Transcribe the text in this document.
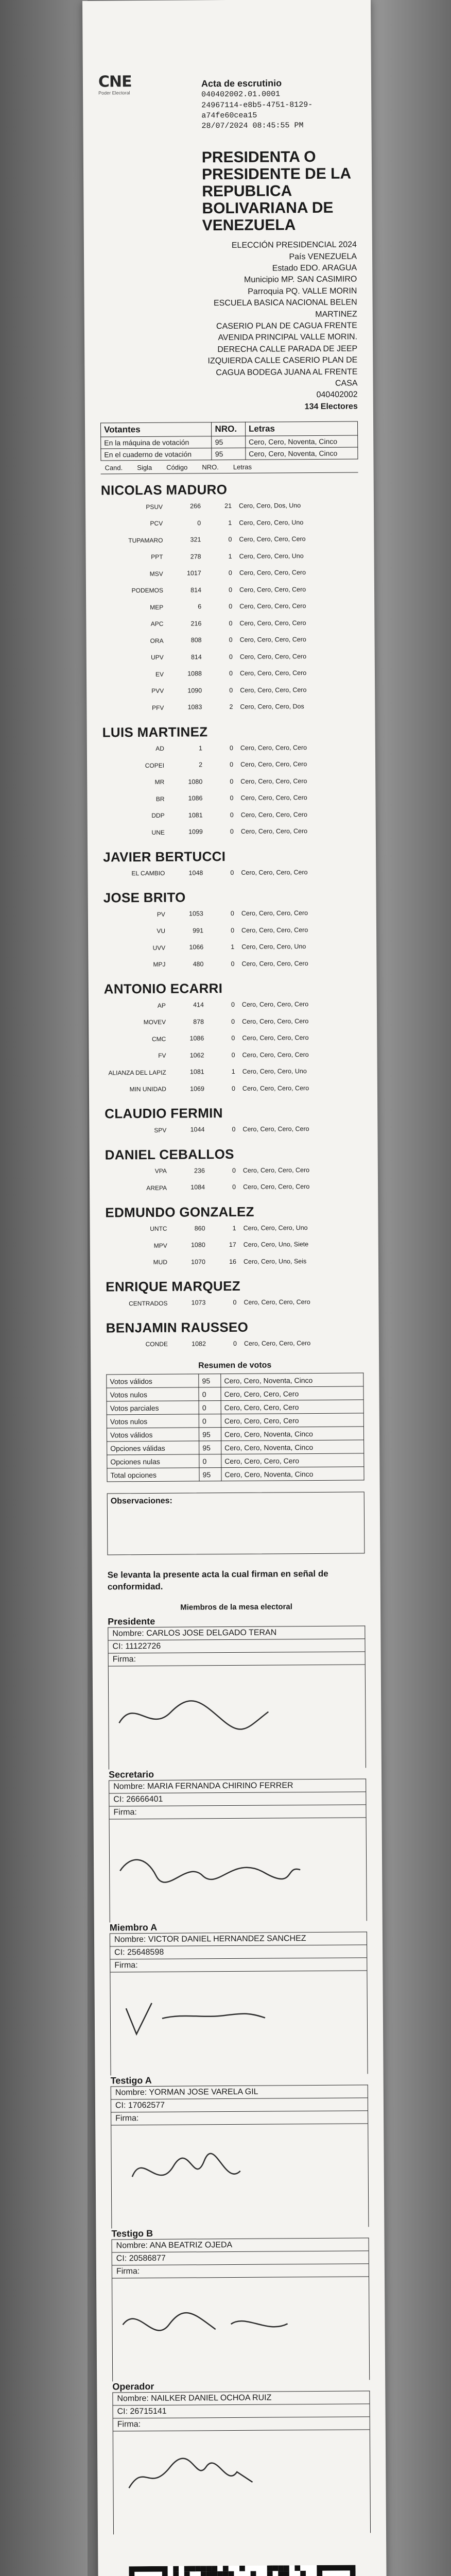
CNE
Poder Electoral
Acta de escrutinio
040402002.01.0001
24967114-e8b5-4751-8129-
a74fe60cea15
28/07/2024 08:45:55 PM
PRESIDENTA O PRESIDENTE DE LA REPUBLICA BOLIVARIANA DE VENEZUELA
ELECCIÓN PRESIDENCIAL 2024
País VENEZUELA
Estado EDO. ARAGUA
Municipio MP. SAN CASIMIRO
Parroquia PQ. VALLE MORIN
ESCUELA BASICA NACIONAL BELEN MARTINEZ
CASERIO PLAN DE CAGUA FRENTE AVENIDA PRINCIPAL VALLE MORIN. DERECHA CALLE PARADA DE JEEP IZQUIERDA CALLE CASERIO PLAN DE CAGUA BODEGA JUANA AL FRENTE CASA
040402002
134 Electores
Votantes	NRO.	Letras
En la máquina de votación	95	Cero, Cero, Noventa, Cinco
En el cuaderno de votación	95	Cero, Cero, Noventa, Cinco
Cand. Sigla Código NRO. Letras
NICOLAS MADURO
PSUV	266	21	Cero, Cero, Dos, Uno
PCV	0	1	Cero, Cero, Cero, Uno
TUPAMARO	321	0	Cero, Cero, Cero, Cero
PPT	278	1	Cero, Cero, Cero, Uno
MSV	1017	0	Cero, Cero, Cero, Cero
PODEMOS	814	0	Cero, Cero, Cero, Cero
MEP	6	0	Cero, Cero, Cero, Cero
APC	216	0	Cero, Cero, Cero, Cero
ORA	808	0	Cero, Cero, Cero, Cero
UPV	814	0	Cero, Cero, Cero, Cero
EV	1088	0	Cero, Cero, Cero, Cero
PVV	1090	0	Cero, Cero, Cero, Cero
PFV	1083	2	Cero, Cero, Cero, Dos
LUIS MARTINEZ
AD	1	0	Cero, Cero, Cero, Cero
COPEI	2	0	Cero, Cero, Cero, Cero
MR	1080	0	Cero, Cero, Cero, Cero
BR	1086	0	Cero, Cero, Cero, Cero
DDP	1081	0	Cero, Cero, Cero, Cero
UNE	1099	0	Cero, Cero, Cero, Cero
JAVIER BERTUCCI
EL CAMBIO	1048	0	Cero, Cero, Cero, Cero
JOSE BRITO
PV	1053	0	Cero, Cero, Cero, Cero
VU	991	0	Cero, Cero, Cero, Cero
UVV	1066	1	Cero, Cero, Cero, Uno
MPJ	480	0	Cero, Cero, Cero, Cero
ANTONIO ECARRI
AP	414	0	Cero, Cero, Cero, Cero
MOVEV	878	0	Cero, Cero, Cero, Cero
CMC	1086	0	Cero, Cero, Cero, Cero
FV	1062	0	Cero, Cero, Cero, Cero
ALIANZA DEL LAPIZ	1081	1	Cero, Cero, Cero, Uno
MIN UNIDAD	1069	0	Cero, Cero, Cero, Cero
CLAUDIO FERMIN
SPV	1044	0	Cero, Cero, Cero, Cero
DANIEL CEBALLOS
VPA	236	0	Cero, Cero, Cero, Cero
AREPA	1084	0	Cero, Cero, Cero, Cero
EDMUNDO GONZALEZ
UNTC	860	1	Cero, Cero, Cero, Uno
MPV	1080	17	Cero, Cero, Uno, Siete
MUD	1070	16	Cero, Cero, Uno, Seis
ENRIQUE MARQUEZ
CENTRADOS	1073	0	Cero, Cero, Cero, Cero
BENJAMIN RAUSSEO
CONDE	1082	0	Cero, Cero, Cero, Cero
Resumen de votos
Votos válidos	95	Cero, Cero, Noventa, Cinco
Votos nulos	0	Cero, Cero, Cero, Cero
Votos parciales	0	Cero, Cero, Cero, Cero
Votos nulos	0	Cero, Cero, Cero, Cero
Votos válidos	95	Cero, Cero, Noventa, Cinco
Opciones válidas	95	Cero, Cero, Noventa, Cinco
Opciones nulas	0	Cero, Cero, Cero, Cero
Total opciones	95	Cero, Cero, Noventa, Cinco
Observaciones:
Se levanta la presente acta la cual firman en señal de conformidad.
Miembros de la mesa electoral
Presidente
Nombre: CARLOS JOSE DELGADO TERAN
CI: 11122726
Firma:
Secretario
Nombre: MARIA FERNANDA CHIRINO FERRER
CI: 26666401
Firma:
Miembro A
Nombre: VICTOR DANIEL HERNANDEZ SANCHEZ
CI: 25648598
Firma:
Testigo A
Nombre: YORMAN JOSE VARELA GIL
CI: 17062577
Firma:
Testigo B
Nombre: ANA BEATRIZ OJEDA
CI: 20586877
Firma:
Operador
Nombre: NAILKER DANIEL OCHOA RUIZ
CI: 26715141
Firma:
